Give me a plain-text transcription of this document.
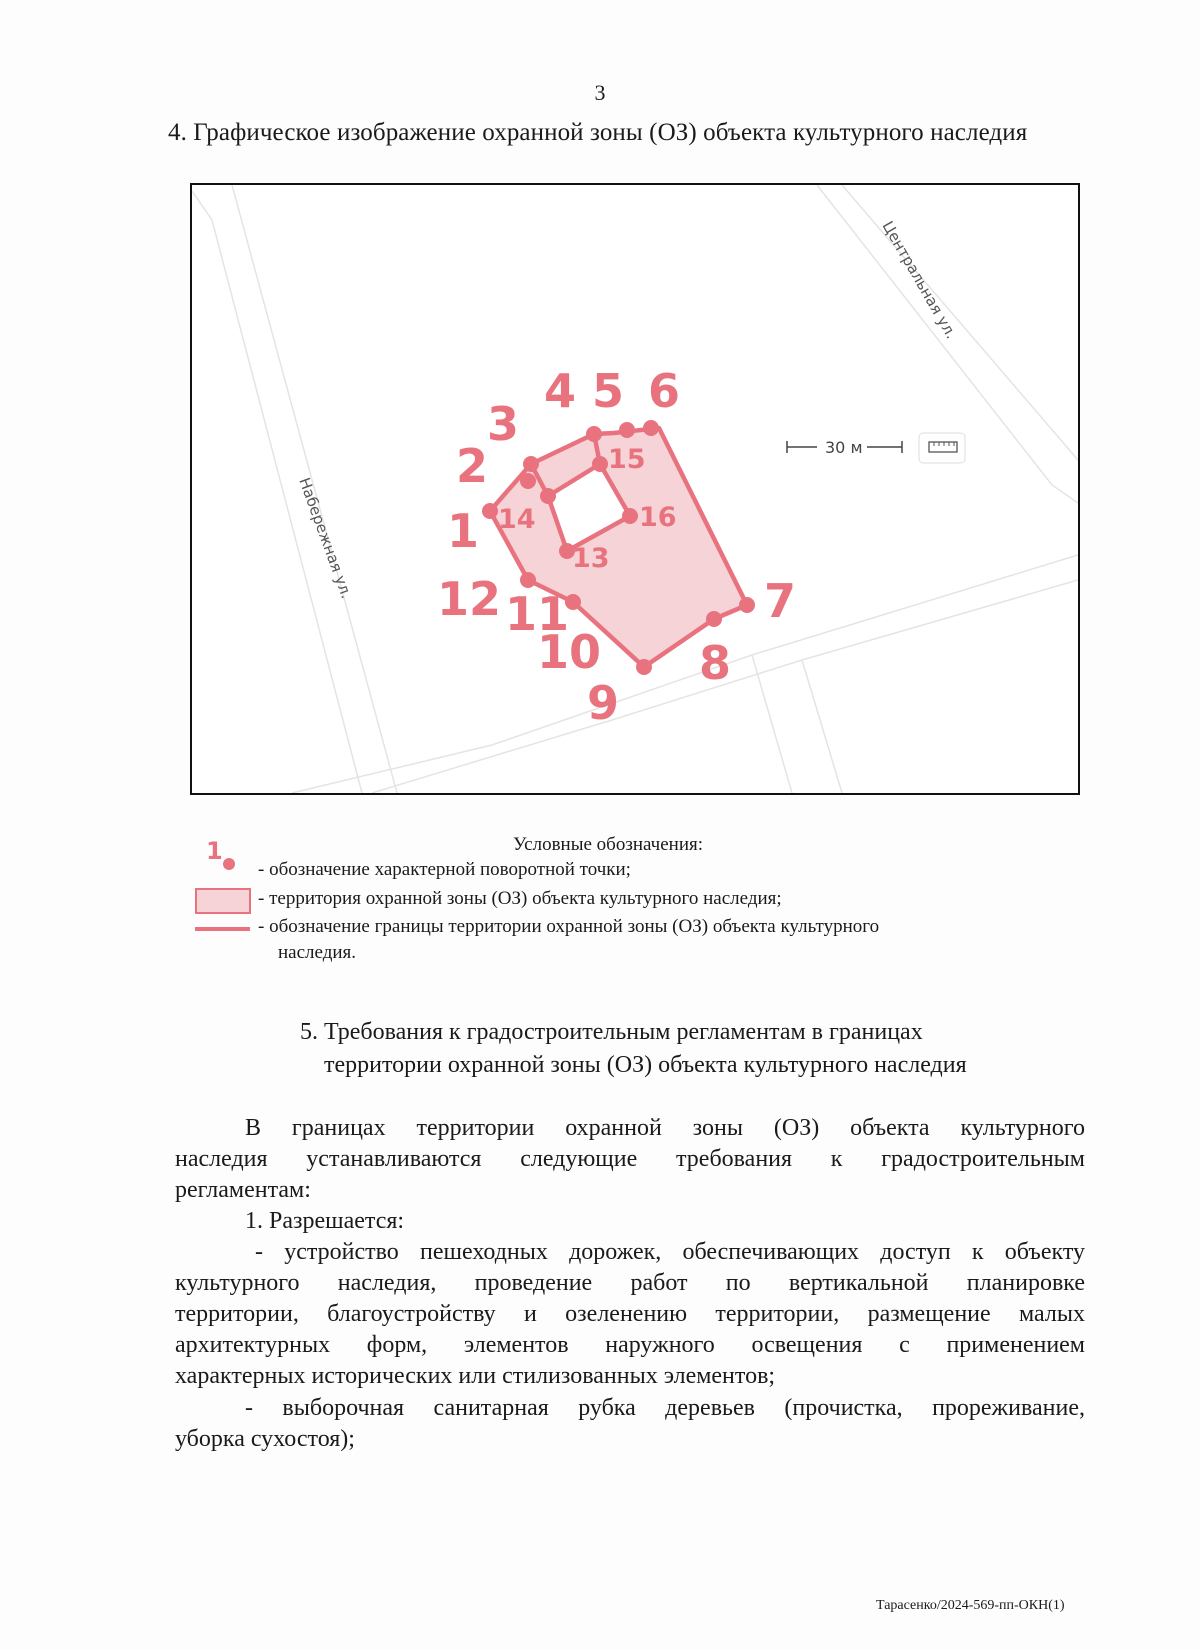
3
4. Графическое изображение охранной зоны (ОЗ) объекта культурного наследия
Центральная ул.
Набережная ул.
30 м
1
2
3
4 5 6
7
8
9
10
11
12
13
14
15
16
Условные обозначения:
1
- обозначение характерной поворотной точки;
- территория охранной зоны (ОЗ) объекта культурного наследия;
- обозначение границы территории охранной зоны (ОЗ) объекта культурного
наследия.
5. Требования к градостроительным регламентам в границах
территории охранной зоны (ОЗ) объекта культурного наследия
В границах территории охранной зоны (ОЗ) объекта культурного
наследия устанавливаются следующие требования к градостроительным
регламентам:
1. Разрешается:
- устройство пешеходных дорожек, обеспечивающих доступ к объекту
культурного наследия, проведение работ по вертикальной планировке
территории, благоустройству и озеленению территории, размещение малых
архитектурных форм, элементов наружного освещения с применением
характерных исторических или стилизованных элементов;
- выборочная санитарная рубка деревьев (прочистка, прореживание,
уборка сухостоя);
Тарасенко/2024-569-пп-ОКН(1)
